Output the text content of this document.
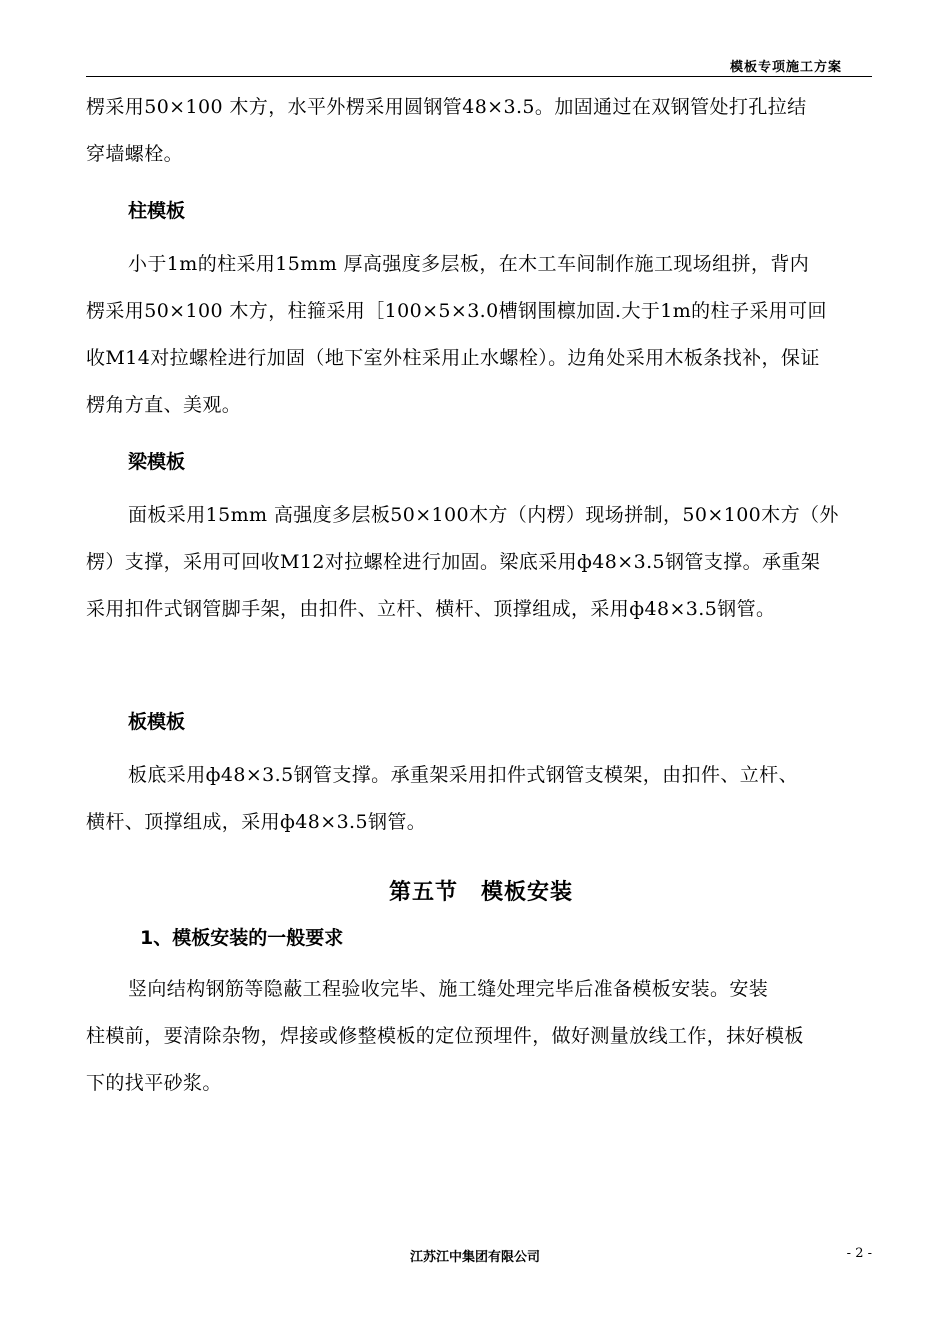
模板专项施工方案

楞采用50×100 木方，水平外楞采用圆钢管48×3.5。加固通过在双钢管处打孔拉结

穿墙螺栓。

柱模板

小于1m的柱采用15mm 厚高强度多层板，在木工车间制作施工现场组拼，背内

楞采用50×100 木方，柱箍采用［100×5×3.0槽钢围檩加固.大于1m的柱子采用可回

收M14对拉螺栓进行加固（地下室外柱采用止水螺栓）。边角处采用木板条找补，保证

楞角方直、美观。

梁模板

面板采用15mm 高强度多层板50×100木方（内楞）现场拼制，50×100木方（外

楞）支撑，采用可回收M12对拉螺栓进行加固。梁底采用ф48×3.5钢管支撑。承重架

采用扣件式钢管脚手架，由扣件、立杆、横杆、顶撑组成，采用ф48×3.5钢管。

板模板

板底采用ф48×3.5钢管支撑。承重架采用扣件式钢管支模架，由扣件、立杆、

横杆、顶撑组成，采用ф48×3.5钢管。

第五节　模板安装
1、模板安装的一般要求

竖向结构钢筋等隐蔽工程验收完毕、施工缝处理完毕后准备模板安装。安装

柱模前，要清除杂物，焊接或修整模板的定位预埋件，做好测量放线工作，抹好模板

下的找平砂浆。

江苏江中集团有限公司	- 2 -
